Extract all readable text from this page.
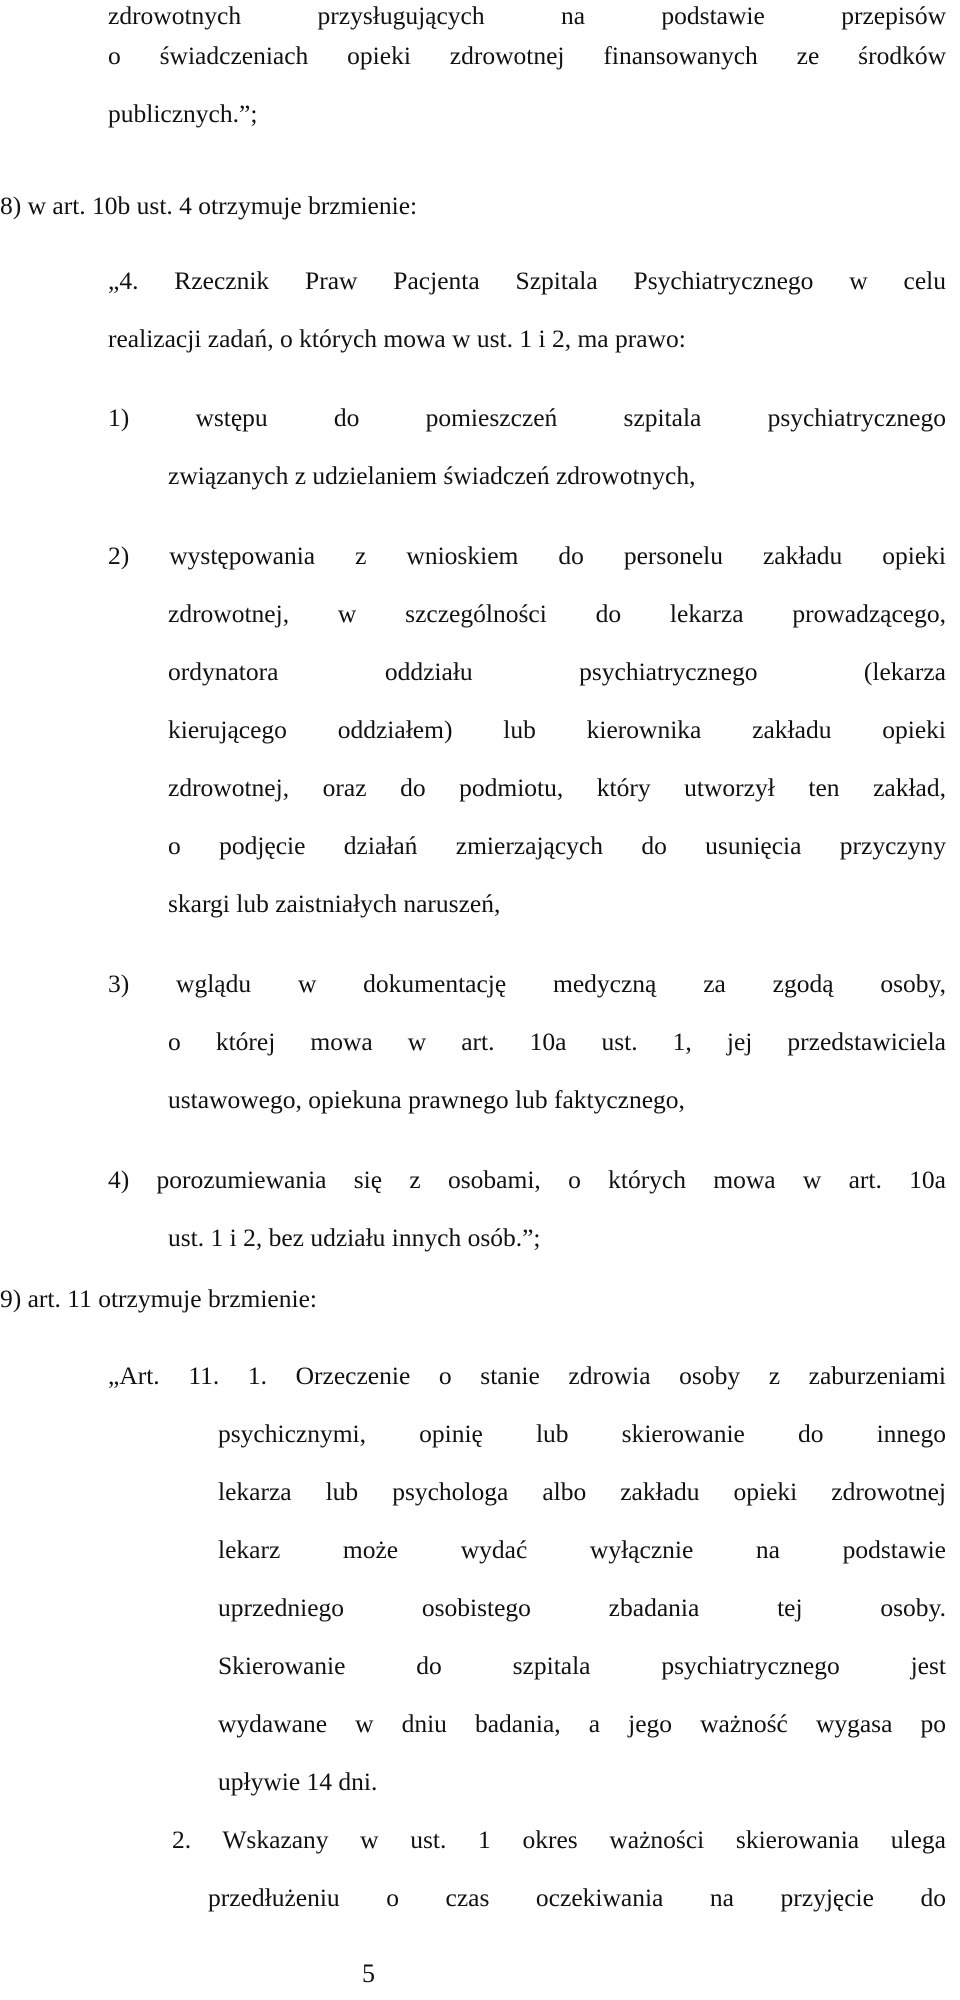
zdrowotnych przysługujących na podstawie przepisów
o świadczeniach opieki zdrowotnej finansowanych ze środków
publicznych.”;
8) w art. 10b ust. 4 otrzymuje brzmienie:
„4. Rzecznik Praw Pacjenta Szpitala Psychiatrycznego w celu
realizacji zadań, o których mowa w ust. 1 i 2, ma prawo:
1) wstępu do pomieszczeń szpitala psychiatrycznego
związanych z udzielaniem świadczeń zdrowotnych,
2) występowania z wnioskiem do personelu zakładu opieki
zdrowotnej, w szczególności do lekarza prowadzącego,
ordynatora oddziału psychiatrycznego (lekarza
kierującego oddziałem) lub kierownika zakładu opieki
zdrowotnej, oraz do podmiotu, który utworzył ten zakład,
o podjęcie działań zmierzających do usunięcia przyczyny
skargi lub zaistniałych naruszeń,
3) wglądu w dokumentację medyczną za zgodą osoby,
o której mowa w art. 10a ust. 1, jej przedstawiciela
ustawowego, opiekuna prawnego lub faktycznego,
4) porozumiewania się z osobami, o których mowa w art. 10a
ust. 1 i 2, bez udziału innych osób.”;
9) art. 11 otrzymuje brzmienie:
„Art. 11. 1. Orzeczenie o stanie zdrowia osoby z zaburzeniami
psychicznymi, opinię lub skierowanie do innego
lekarza lub psychologa albo zakładu opieki zdrowotnej
lekarz może wydać wyłącznie na podstawie
uprzedniego osobistego zbadania tej osoby.
Skierowanie do szpitala psychiatrycznego jest
wydawane w dniu badania, a jego ważność wygasa po
upływie 14 dni.
2. Wskazany w ust. 1 okres ważności skierowania ulega
przedłużeniu o czas oczekiwania na przyjęcie do
5
